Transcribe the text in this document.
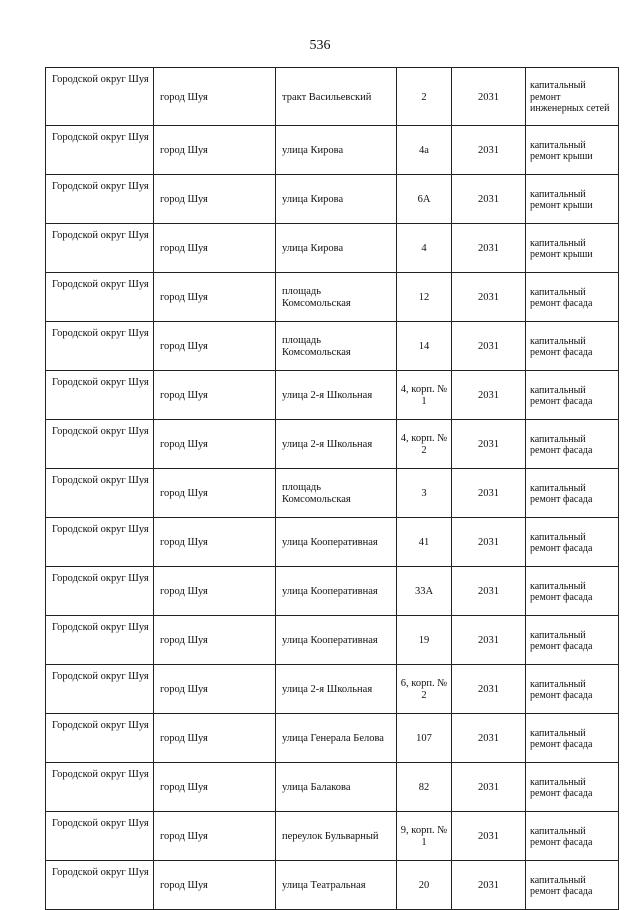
536
Городской округ Шуя	город Шуя	тракт Васильевский	2	2031	капитальный ремонт инженерных сетей
Городской округ Шуя	город Шуя	улица Кирова	4а	2031	капитальный ремонт крыши
Городской округ Шуя	город Шуя	улица Кирова	6А	2031	капитальный ремонт крыши
Городской округ Шуя	город Шуя	улица Кирова	4	2031	капитальный ремонт крыши
Городской округ Шуя	город Шуя	площадь Комсомольская	12	2031	капитальный ремонт фасада
Городской округ Шуя	город Шуя	площадь Комсомольская	14	2031	капитальный ремонт фасада
Городской округ Шуя	город Шуя	улица 2-я Школьная	4, корп. № 1	2031	капитальный ремонт фасада
Городской округ Шуя	город Шуя	улица 2-я Школьная	4, корп. № 2	2031	капитальный ремонт фасада
Городской округ Шуя	город Шуя	площадь Комсомольская	3	2031	капитальный ремонт фасада
Городской округ Шуя	город Шуя	улица Кооперативная	41	2031	капитальный ремонт фасада
Городской округ Шуя	город Шуя	улица Кооперативная	33А	2031	капитальный ремонт фасада
Городской округ Шуя	город Шуя	улица Кооперативная	19	2031	капитальный ремонт фасада
Городской округ Шуя	город Шуя	улица 2-я Школьная	6, корп. № 2	2031	капитальный ремонт фасада
Городской округ Шуя	город Шуя	улица Генерала Белова	107	2031	капитальный ремонт фасада
Городской округ Шуя	город Шуя	улица Балакова	82	2031	капитальный ремонт фасада
Городской округ Шуя	город Шуя	переулок Бульварный	9, корп. № 1	2031	капитальный ремонт фасада
Городской округ Шуя	город Шуя	улица Театральная	20	2031	капитальный ремонт фасада
